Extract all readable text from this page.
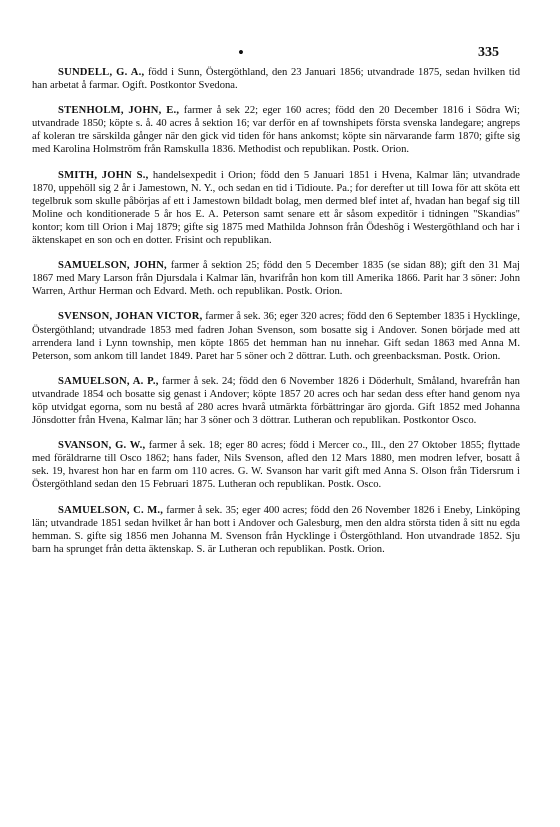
•	335

SUNDELL, G. A., född i Sunn, Östergöthland, den 23 Januari 1856; utvandrade 1875, sedan hvilken tid han arbetat å farmar. Ogift. Postkontor Svedona.

STENHOLM, JOHN, E., farmer å sek 22; eger 160 acres; född den 20 December 1816 i Södra Wi; utvandrade 1850; köpte s. å. 40 acres å sektion 16; var derför en af townshipets första svenska landegare; angreps af koleran tre särskilda gånger när den gick vid tiden för hans ankomst; köpte sin närvarande farm 1870; gifte sig med Karolina Holmström från Ramskulla 1836. Methodist och republikan. Postk. Orion.

SMITH, JOHN S., handelsexpedit i Orion; född den 5 Januari 1851 i Hvena, Kalmar län; utvandrade 1870, uppehöll sig 2 år i Jamestown, N. Y., och sedan en tid i Tidioute. Pa.; for derefter ut till Iowa för att sköta ett tegelbruk som skulle påbörjas af ett i Jamestown bildadt bolag, men dermed blef intet af, hvadan han begaf sig till Moline och konditionerade 5 år hos E. A. Peterson samt senare ett år såsom expeditör i tidningen "Skandias" kontor; kom till Orion i Maj 1879; gifte sig 1875 med Mathilda Johnson från Ödeshög i Westergöthland och har i äktenskapet en son och en dotter. Frisint och republikan.

SAMUELSON, JOHN, farmer å sektion 25; född den 5 December 1835 (se sidan 88); gift den 31 Maj 1867 med Mary Larson från Djursdala i Kalmar län, hvarifrån hon kom till Amerika 1866. Parit har 3 söner: John Warren, Arthur Herman och Edvard. Meth. och republikan. Postk. Orion.

SVENSON, JOHAN VICTOR, farmer å sek. 36; eger 320 acres; född den 6 September 1835 i Hycklinge, Östergöthland; utvandrade 1853 med fadren Johan Svenson, som bosatte sig i Andover. Sonen började med att arrendera land i Lynn township, men köpte 1865 det hemman han nu innehar. Gift sedan 1863 med Anna M. Peterson, som ankom till landet 1849. Paret har 5 söner och 2 döttrar. Luth. och greenbacksman. Postk. Orion.

SAMUELSON, A. P., farmer å sek. 24; född den 6 November 1826 i Döderhult, Småland, hvarefrån han utvandrade 1854 och bosatte sig genast i Andover; köpte 1857 20 acres och har sedan dess efter hand genom nya köp utvidgat egorna, som nu bestå af 280 acres hvarå utmärkta förbättringar äro gjorda. Gift 1852 med Johanna Jönsdotter från Hvena, Kalmar län; har 3 söner och 3 döttrar. Lutheran och republikan. Postkontor Osco.

SVANSON, G. W., farmer å sek. 18; eger 80 acres; född i Mercer co., Ill., den 27 Oktober 1855; flyttade med föräldrarne till Osco 1862; hans fader, Nils Svenson, afled den 12 Mars 1880, men modren lefver, bosatt å sek. 19, hvarest hon har en farm om 110 acres. G. W. Svanson har varit gift med Anna S. Olson från Tidersrum i Östergöthland sedan den 15 Februari 1875. Lutheran och republikan. Postk. Osco.

SAMUELSON, C. M., farmer å sek. 35; eger 400 acres; född den 26 November 1826 i Eneby, Linköping län; utvandrade 1851 sedan hvilket år han bott i Andover och Galesburg, men den aldra största tiden å sitt nu egda hemman. S. gifte sig 1856 men Johanna M. Svenson från Hycklinge i Östergöthland. Hon utvandrade 1852. Sju barn ha sprunget från detta äktenskap. S. är Lutheran och republikan. Postk. Orion.
